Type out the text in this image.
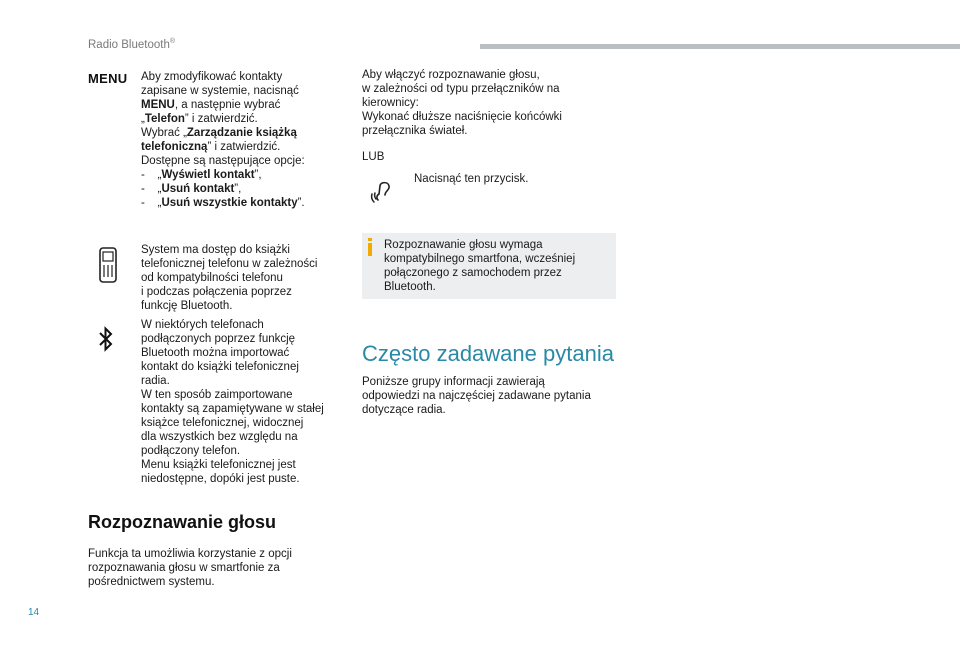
Radio Bluetooth®
MENU Aby zmodyfikować kontakty
zapisane w systemie, nacisnąć
MENU, a następnie wybrać
„Telefon” i zatwierdzić.
Wybrać „Zarządzanie książką
telefoniczną” i zatwierdzić.
Dostępne są następujące opcje:
-    „Wyświetl kontakt”,
-    „Usuń kontakt”,
-    „Usuń wszystkie kontakty”.
System ma dostęp do książki
telefonicznej telefonu w zależności
od kompatybilności telefonu
i podczas połączenia poprzez
funkcję Bluetooth.
W niektórych telefonach
podłączonych poprzez funkcję
Bluetooth można importować
kontakt do książki telefonicznej
radia.
W ten sposób zaimportowane
kontakty są zapamiętywane w stałej
książce telefonicznej, widocznej
dla wszystkich bez względu na
podłączony telefon.
Menu książki telefonicznej jest
niedostępne, dopóki jest puste.
Rozpoznawanie głosu
Funkcja ta umożliwia korzystanie z opcji
rozpoznawania głosu w smartfonie za
pośrednictwem systemu.
Aby włączyć rozpoznawanie głosu,
w zależności od typu przełączników na
kierownicy:
Wykonać dłuższe naciśnięcie końcówki
przełącznika świateł.
LUB
Nacisnąć ten przycisk.
Rozpoznawanie głosu wymaga
kompatybilnego smartfona, wcześniej
połączonego z samochodem przez
Bluetooth.
Często zadawane pytania
Poniższe grupy informacji zawierają
odpowiedzi na najczęściej zadawane pytania
dotyczące radia.
14
